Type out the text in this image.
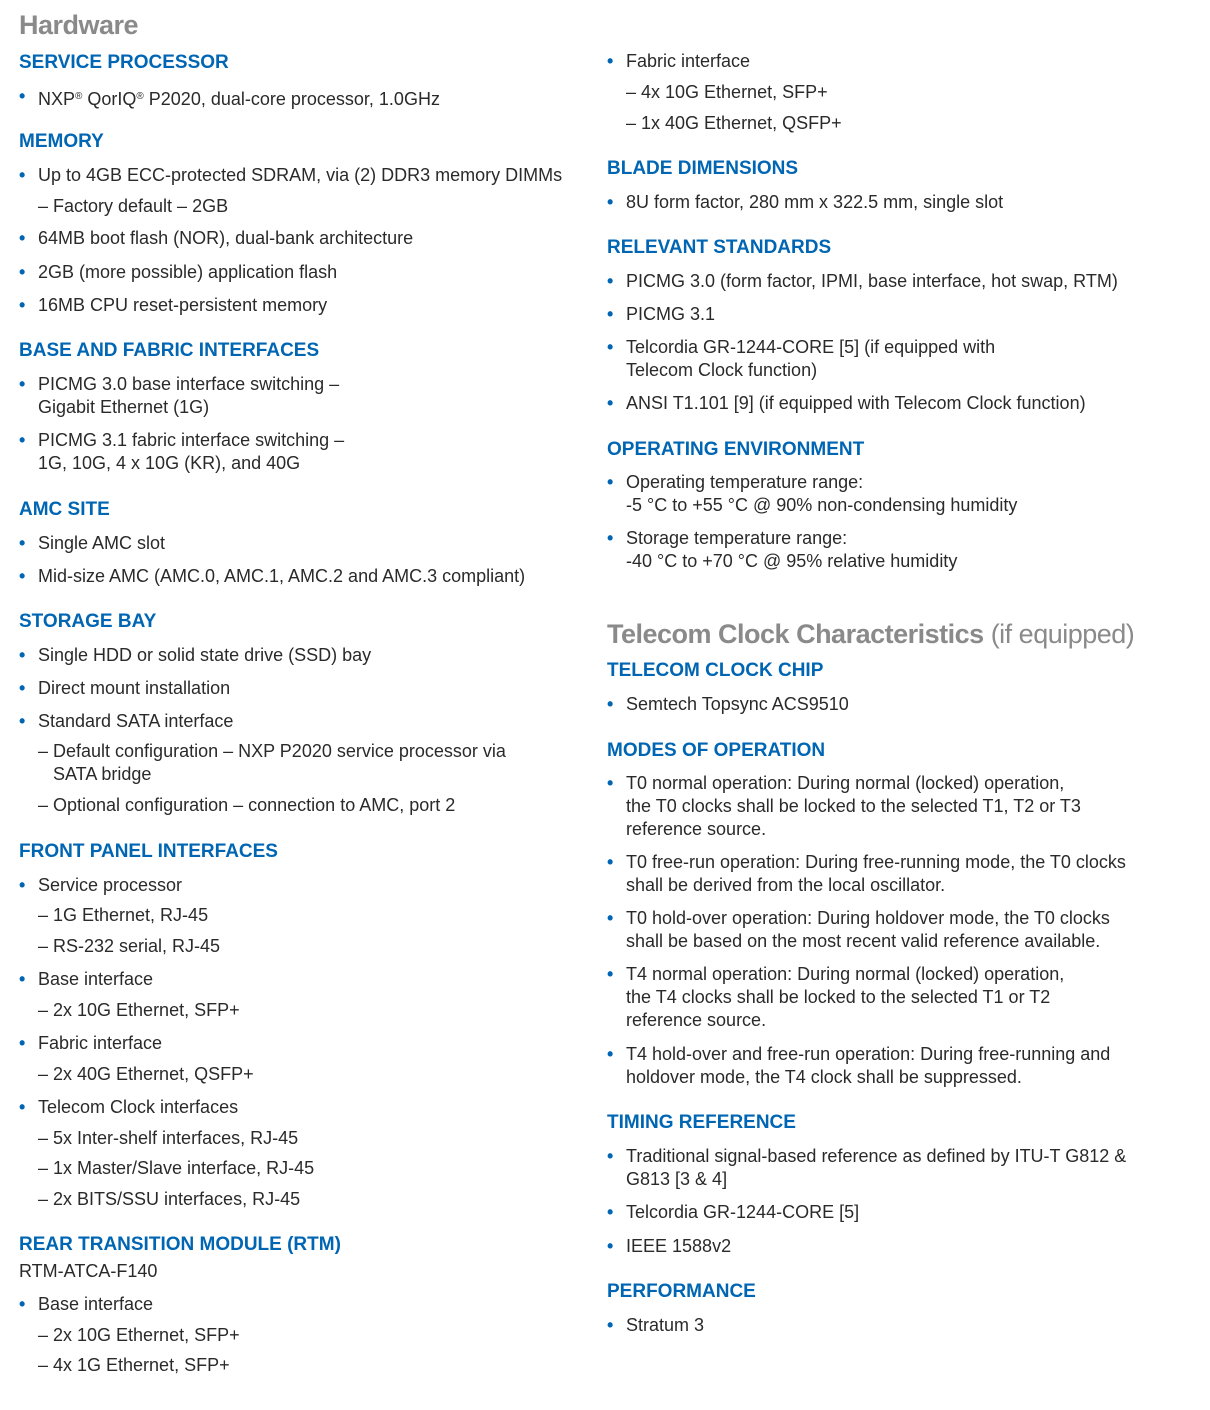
Hardware
SERVICE PROCESSOR
• NXP® QorIQ® P2020, dual-core processor, 1.0GHz
MEMORY
• Up to 4GB ECC-protected SDRAM, via (2) DDR3 memory DIMMs
– Factory default – 2GB
• 64MB boot flash (NOR), dual-bank architecture
• 2GB (more possible) application flash
• 16MB CPU reset-persistent memory
BASE AND FABRIC INTERFACES
• PICMG 3.0 base interface switching –
Gigabit Ethernet (1G)
• PICMG 3.1 fabric interface switching –
1G, 10G, 4 x 10G (KR), and 40G
AMC SITE
• Single AMC slot
• Mid-size AMC (AMC.0, AMC.1, AMC.2 and AMC.3 compliant)
STORAGE BAY
• Single HDD or solid state drive (SSD) bay
• Direct mount installation
• Standard SATA interface
– Default configuration – NXP P2020 service processor via
SATA bridge
– Optional configuration – connection to AMC, port 2
FRONT PANEL INTERFACES
• Service processor
– 1G Ethernet, RJ-45
– RS-232 serial, RJ-45
• Base interface
– 2x 10G Ethernet, SFP+
• Fabric interface
– 2x 40G Ethernet, QSFP+
• Telecom Clock interfaces
– 5x Inter-shelf interfaces, RJ-45
– 1x Master/Slave interface, RJ-45
– 2x BITS/SSU interfaces, RJ-45
REAR TRANSITION MODULE (RTM)
RTM-ATCA-F140
• Base interface
– 2x 10G Ethernet, SFP+
– 4x 1G Ethernet, SFP+
• Fabric interface
– 4x 10G Ethernet, SFP+
– 1x 40G Ethernet, QSFP+
BLADE DIMENSIONS
• 8U form factor, 280 mm x 322.5 mm, single slot
RELEVANT STANDARDS
• PICMG 3.0 (form factor, IPMI, base interface, hot swap, RTM)
• PICMG 3.1
• Telcordia GR-1244-CORE [5] (if equipped with
Telecom Clock function)
• ANSI T1.101 [9] (if equipped with Telecom Clock function)
OPERATING ENVIRONMENT
• Operating temperature range:
-5 °C to +55 °C @ 90% non-condensing humidity
• Storage temperature range:
-40 °C to +70 °C @ 95% relative humidity
Telecom Clock Characteristics (if equipped)
TELECOM CLOCK CHIP
• Semtech Topsync ACS9510
MODES OF OPERATION
• T0 normal operation: During normal (locked) operation,
the T0 clocks shall be locked to the selected T1, T2 or T3
reference source.
• T0 free-run operation: During free-running mode, the T0 clocks
shall be derived from the local oscillator.
• T0 hold-over operation: During holdover mode, the T0 clocks
shall be based on the most recent valid reference available.
• T4 normal operation: During normal (locked) operation,
the T4 clocks shall be locked to the selected T1 or T2
reference source.
• T4 hold-over and free-run operation: During free-running and
holdover mode, the T4 clock shall be suppressed.
TIMING REFERENCE
• Traditional signal-based reference as defined by ITU-T G812 &
G813 [3 & 4]
• Telcordia GR-1244-CORE [5]
• IEEE 1588v2
PERFORMANCE
• Stratum 3
